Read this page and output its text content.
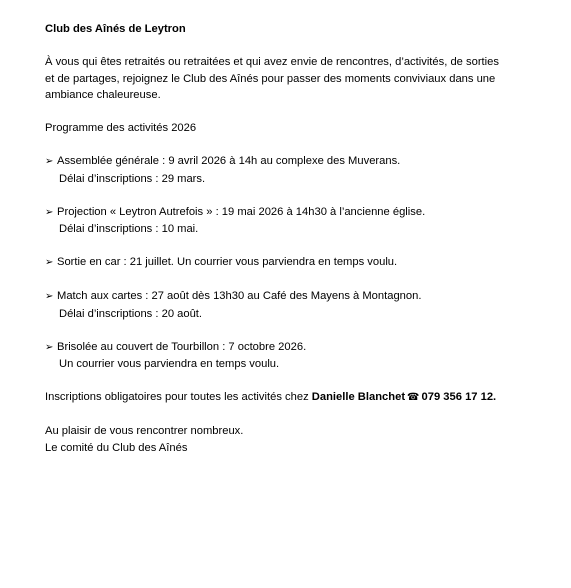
Club des Aînés de Leytron

À vous qui êtes retraités ou retraitées et qui avez envie de rencontres, d’activités, de sorties
et de partages, rejoignez le Club des Aînés pour passer des moments conviviaux dans une
ambiance chaleureuse.
Programme des activités 2026
➢ Assemblée générale : 9 avril 2026 à 14h au complexe des Muverans.
Délai d’inscriptions : 29 mars.
➢ Projection « Leytron Autrefois » : 19 mai 2026 à 14h30 à l’ancienne église.
Délai d’inscriptions : 10 mai.
➢ Sortie en car : 21 juillet. Un courrier vous parviendra en temps voulu.
➢ Match aux cartes : 27 août dès 13h30 au Café des Mayens à Montagnon.
Délai d’inscriptions : 20 août.
➢ Brisolée au couvert de Tourbillon : 7 octobre 2026.
Un courrier vous parviendra en temps voulu.
Inscriptions obligatoires pour toutes les activités chez Danielle Blanchet ☎ 079 356 17 12.
Au plaisir de vous rencontrer nombreux.
Le comité du Club des Aînés
